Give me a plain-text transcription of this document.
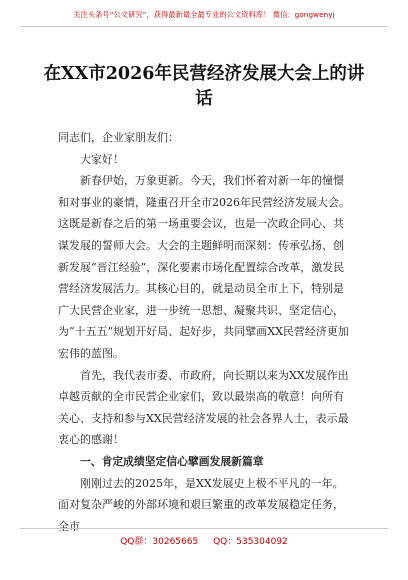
关注头条号“公文研究”，获得最新最全最专业的公文资料库！ 微信：gongwenyj
在XX市2026年民营经济发展大会上的讲话

同志们，企业家朋友们：

大家好！

新春伊始，万象更新。今天，我们怀着对新一年的憧憬和对事业的豪情，隆重召开全市2026年民营经济发展大会。这既是新春之后的第一场重要会议，也是一次政企同心、共谋发展的誓师大会。大会的主题鲜明而深刻：传承弘扬、创新发展“晋江经验”，深化要素市场化配置综合改革，激发民营经济发展活力。其核心目的，就是动员全市上下，特别是广大民营企业家，进一步统一思想、凝聚共识、坚定信心，为“十五五”规划开好局、起好步，共同擘画XX民营经济更加宏伟的蓝图。

首先，我代表市委、市政府，向长期以来为XX发展作出卓越贡献的全市民营企业家们，致以最崇高的敬意！向所有关心、支持和参与XX民营经济发展的社会各界人士，表示最衷心的感谢！

一、肯定成绩坚定信心擘画发展新篇章

刚刚过去的2025年，是XX发展史上极不平凡的一年。面对复杂严峻的外部环境和艰巨繁重的改革发展稳定任务，全市

QQ群：30265665 QQ：535304092
